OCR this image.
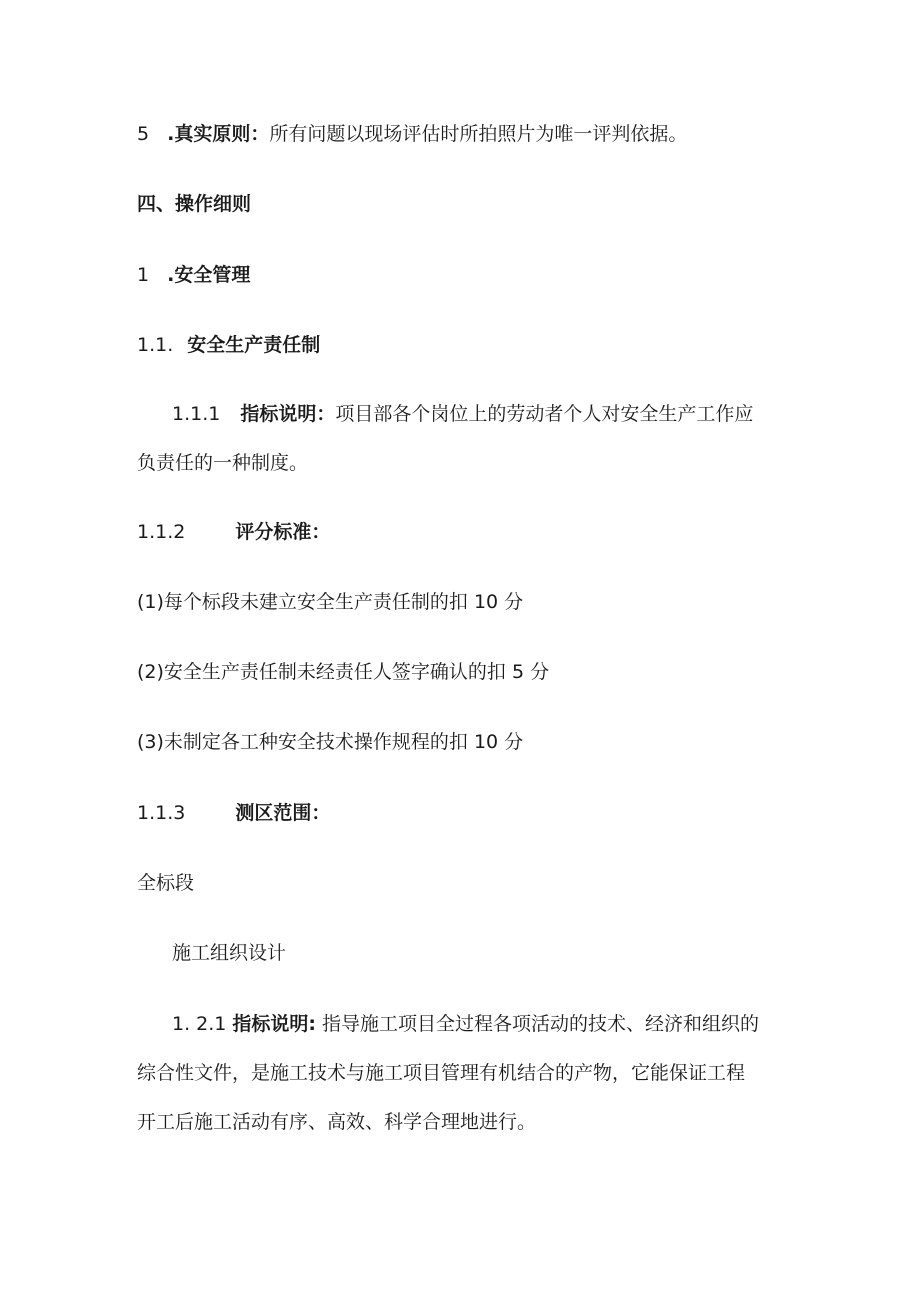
5 .真实原则：所有问题以现场评估时所拍照片为唯一评判依据。
四、操作细则
1 .安全管理
1.1. 安全生产责任制
1.1.1 指标说明：项目部各个岗位上的劳动者个人对安全生产工作应
负责任的一种制度。
1.1.2	评分标准：
(1)每个标段未建立安全生产责任制的扣 10 分
(2)安全生产责任制未经责任人签字确认的扣 5 分
(3)未制定各工种安全技术操作规程的扣 10 分
1.1.3	测区范围：
全标段
施工组织设计
1. 2.1 指标说明: 指导施工项目全过程各项活动的技术、经济和组织的
综合性文件，是施工技术与施工项目管理有机结合的产物，它能保证工程
开工后施工活动有序、高效、科学合理地进行。
